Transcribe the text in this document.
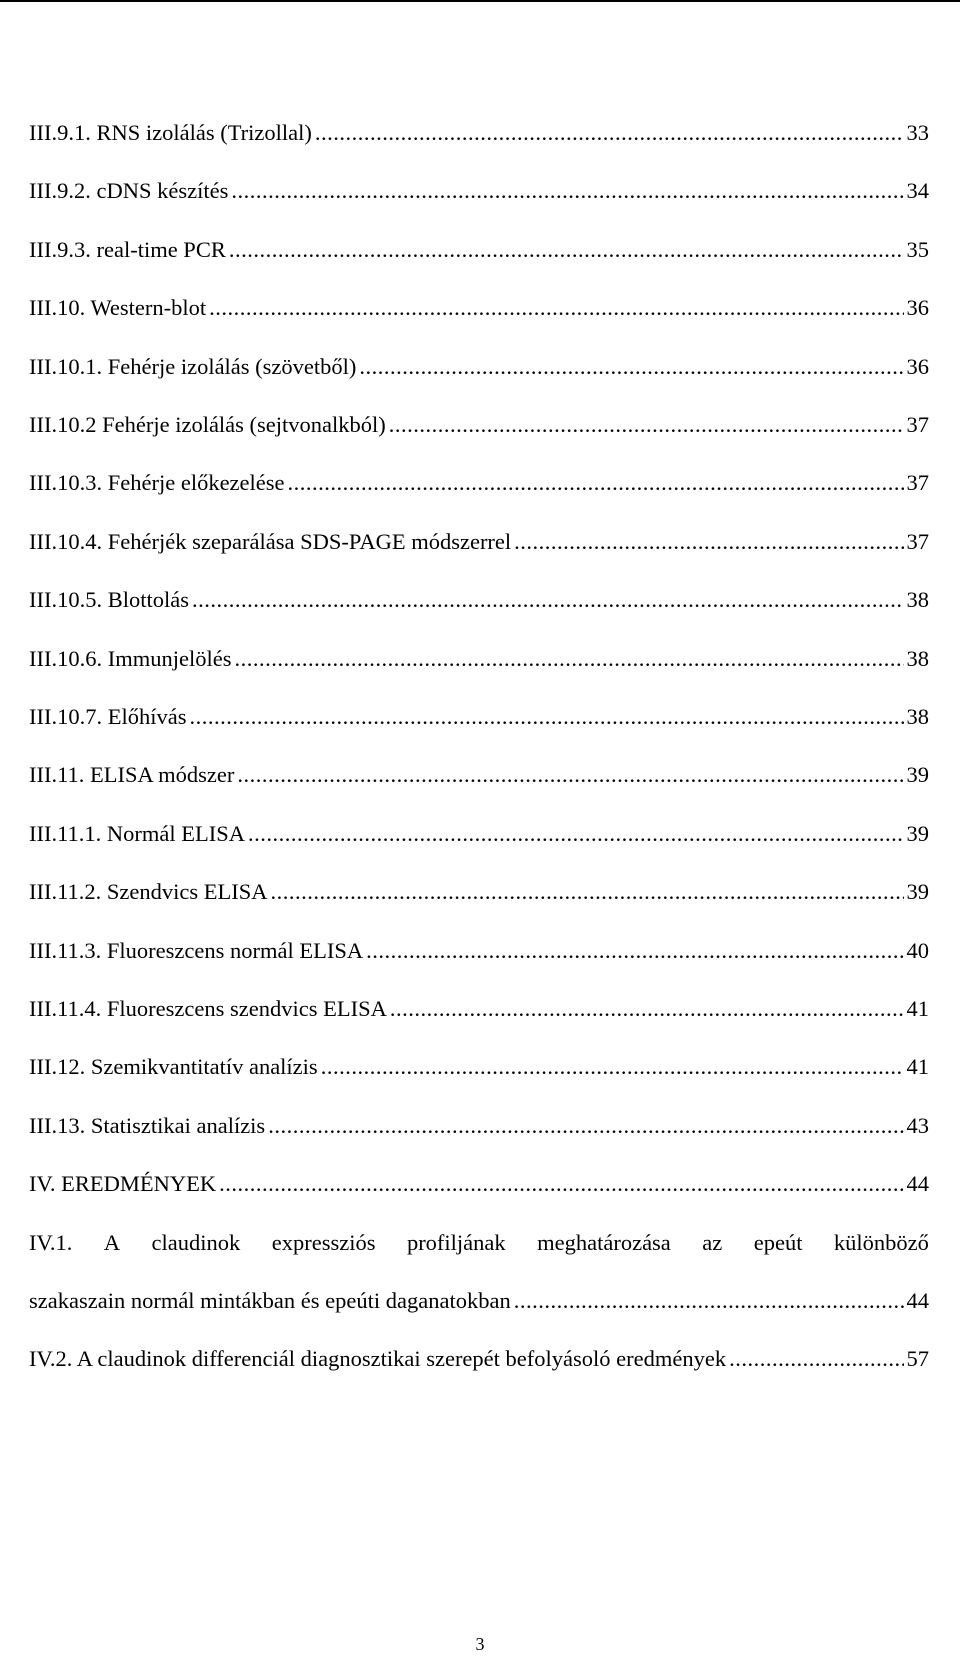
III.9.1. RNS izolálás (Trizollal) .....	33
III.9.2. cDNS készítés .....	34
III.9.3. real-time PCR .....	35
III.10. Western-blot .....	36
III.10.1. Fehérje izolálás (szövetből) .....	36
III.10.2 Fehérje izolálás (sejtvonalkból) .....	37
III.10.3. Fehérje előkezelése .....	37
III.10.4. Fehérjék szeparálása SDS-PAGE módszerrel .....	37
III.10.5. Blottolás .....	38
III.10.6. Immunjelölés .....	38
III.10.7. Előhívás .....	38
III.11. ELISA módszer .....	39
III.11.1. Normál ELISA .....	39
III.11.2. Szendvics ELISA .....	39
III.11.3. Fluoreszcens normál ELISA .....	40
III.11.4. Fluoreszcens szendvics ELISA .....	41
III.12. Szemikvantitatív analízis .....	41
III.13. Statisztikai analízis .....	43
IV. EREDMÉNYEK .....	44
IV.1. A claudinok expressziós profiljának meghatározása az epeút különböző
szakaszain normál mintákban és epeúti daganatokban .....	44
IV.2. A claudinok differenciál diagnosztikai szerepét befolyásoló eredmények .....	57
3
